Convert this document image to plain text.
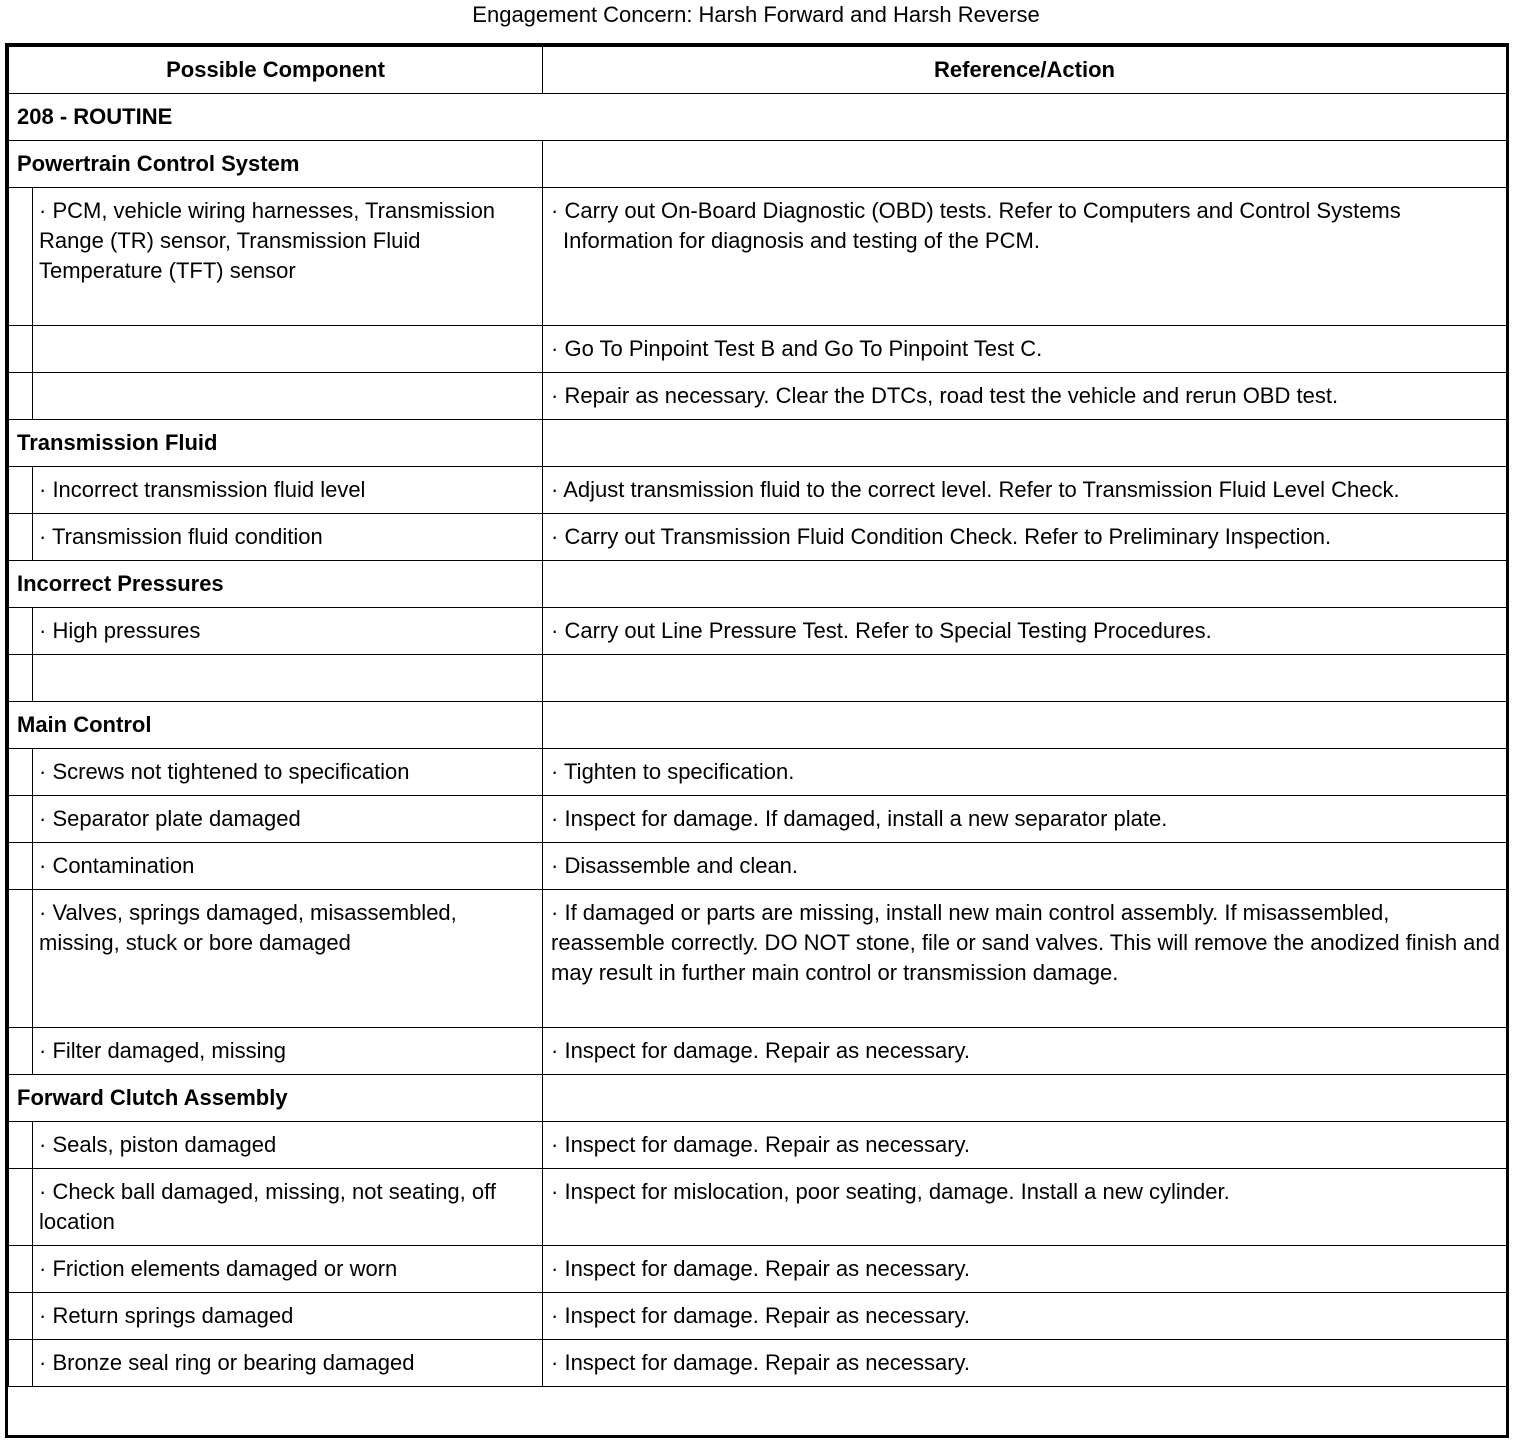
Engagement Concern: Harsh Forward and Harsh Reverse
Possible Component		Reference/Action
208 - ROUTINE		
Powertrain Control System		
	· PCM, vehicle wiring harnesses, Transmission Range (TR) sensor, Transmission Fluid Temperature (TFT) sensor	· Carry out On-Board Diagnostic (OBD) tests. Refer to Computers and Control Systems Information for diagnosis and testing of the PCM.
		· Go To Pinpoint Test B and Go To Pinpoint Test C.
		· Repair as necessary. Clear the DTCs, road test the vehicle and rerun OBD test.
Transmission Fluid		
	· Incorrect transmission fluid level	· Adjust transmission fluid to the correct level. Refer to Transmission Fluid Level Check.
	· Transmission fluid condition	· Carry out Transmission Fluid Condition Check. Refer to Preliminary Inspection.
Incorrect Pressures		
	· High pressures	· Carry out Line Pressure Test. Refer to Special Testing Procedures.

Main Control		
	· Screws not tightened to specification	· Tighten to specification.
	· Separator plate damaged	· Inspect for damage. If damaged, install a new separator plate.
	· Contamination	· Disassemble and clean.
	· Valves, springs damaged, misassembled, missing, stuck or bore damaged	· If damaged or parts are missing, install new main control assembly. If misassembled, reassemble correctly. DO NOT stone, file or sand valves. This will remove the anodized finish and may result in further main control or transmission damage.
	· Filter damaged, missing	· Inspect for damage. Repair as necessary.
Forward Clutch Assembly		
	· Seals, piston damaged	· Inspect for damage. Repair as necessary.
	· Check ball damaged, missing, not seating, off location	· Inspect for mislocation, poor seating, damage. Install a new cylinder.
	· Friction elements damaged or worn	· Inspect for damage. Repair as necessary.
	· Return springs damaged	· Inspect for damage. Repair as necessary.
	· Bronze seal ring or bearing damaged	· Inspect for damage. Repair as necessary.
